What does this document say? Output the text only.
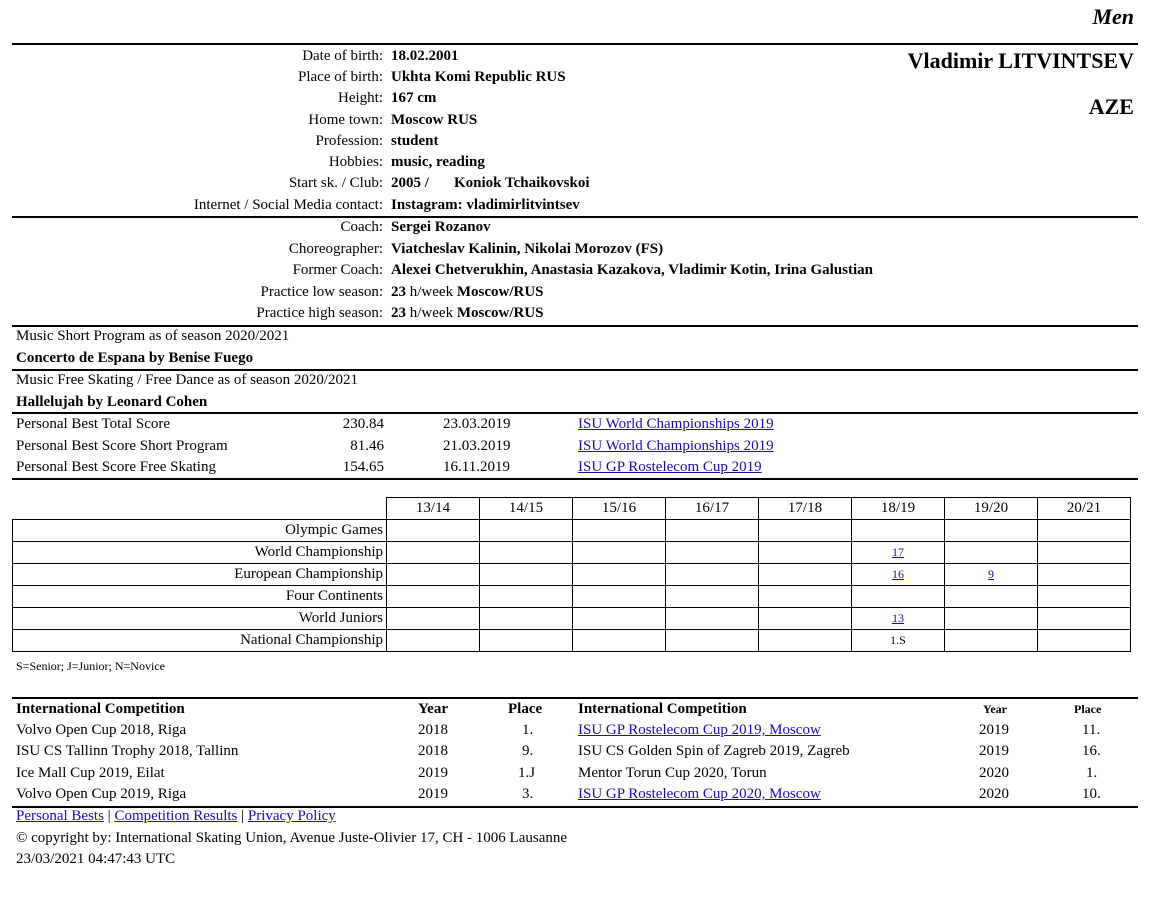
Men
Vladimir LITVINTSEV
AZE
Date of birth: 18.02.2001
Place of birth: Ukhta Komi Republic RUS
Height: 167 cm
Home town: Moscow RUS
Profession: student
Hobbies: music, reading
Start sk. / Club: 2005 / Koniok Tchaikovskoi
Internet / Social Media contact: Instagram: vladimirlitvintsev
Coach: Sergei Rozanov
Choreographer: Viatcheslav Kalinin, Nikolai Morozov (FS)
Former Coach: Alexei Chetverukhin, Anastasia Kazakova, Vladimir Kotin, Irina Galustian
Practice low season: 23 h/week Moscow/RUS
Practice high season: 23 h/week Moscow/RUS
Music Short Program as of season 2020/2021
Concerto de Espana by Benise Fuego
Music Free Skating / Free Dance as of season 2020/2021
Hallelujah by Leonard Cohen
Personal Best Total Score	230.84	23.03.2019	ISU World Championships 2019
Personal Best Score Short Program	81.46	21.03.2019	ISU World Championships 2019
Personal Best Score Free Skating	154.65	16.11.2019	ISU GP Rostelecom Cup 2019
	13/14	14/15	15/16	16/17	17/18	18/19	19/20	20/21
Olympic Games								
World Championship						17		
European Championship						16	9	
Four Continents								
World Juniors						13		
National Championship						1.S		
S=Senior; J=Junior; N=Novice
International Competition	Year	Place International Competition	Year	Place
Volvo Open Cup 2018, Riga	2018	1.	ISU GP Rostelecom Cup 2019, Moscow	2019	11.
ISU CS Tallinn Trophy 2018, Tallinn	2018	9.	ISU CS Golden Spin of Zagreb 2019, Zagreb	2019	16.
Ice Mall Cup 2019, Eilat	2019	1.J	Mentor Torun Cup 2020, Torun	2020	1.
Volvo Open Cup 2019, Riga	2019	3.	ISU GP Rostelecom Cup 2020, Moscow	2020	10.
Personal Bests | Competition Results | Privacy Policy
© copyright by: International Skating Union, Avenue Juste-Olivier 17, CH - 1006 Lausanne
23/03/2021 04:47:43 UTC
